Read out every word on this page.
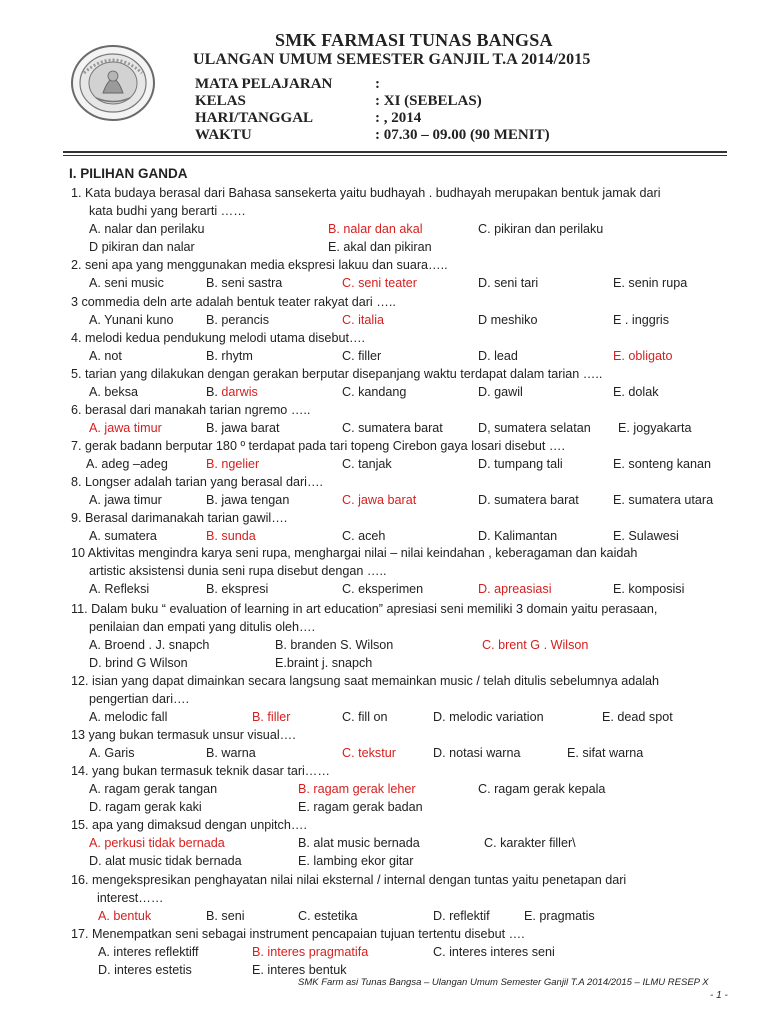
SMK FARMASI TUNAS BANGSA
ULANGAN UMUM SEMESTER GANJIL T.A 2014/2015
MATA PELAJARAN	:
KELAS	: XI (SEBELAS)
HARI/TANGGAL	: , 2014
WAKTU	: 07.30 – 09.00 (90 MENIT)
I. PILIHAN GANDA
1. Kata budaya berasal dari Bahasa sansekerta yaitu budhayah . budhayah merupakan bentuk jamak dari
kata budhi yang berarti ……
A. nalar dan perilaku	B. nalar dan akal	C. pikiran dan perilaku
D pikiran dan nalar	E. akal dan pikiran
2. seni apa yang menggunakan media ekspresi lakuu dan suara…..
A. seni music	B. seni sastra	C. seni teater	D. seni tari	E. senin rupa
3 commedia deln arte adalah bentuk teater rakyat dari …..
A. Yunani kuno	B. perancis	C. italia	D meshiko	E . inggris
4. melodi kedua pendukung melodi utama disebut….
A. not	B. rhytm	C. filler	D. lead	E. obligato
5. tarian yang dilakukan dengan gerakan berputar disepanjang waktu terdapat dalam tarian …..
A. beksa	B. darwis	C. kandang	D. gawil	E. dolak
6. berasal dari manakah tarian ngremo …..
A. jawa timur	B. jawa barat	C. sumatera barat	D, sumatera selatan E. jogyakarta
7. gerak badann berputar 180 º terdapat pada tari topeng Cirebon gaya losari disebut ….
A. adeg –adeg	B. ngelier	C. tanjak	D. tumpang tali	E. sonteng kanan
8. Longser adalah tarian yang berasal dari….
A. jawa timur	B. jawa tengan	C. jawa barat	D. sumatera barat	E. sumatera utara
9. Berasal darimanakah tarian gawil….
A. sumatera	B. sunda	C. aceh	D. Kalimantan	E. Sulawesi
10 Aktivitas mengindra karya seni rupa, menghargai nilai – nilai keindahan , keberagaman dan kaidah
artistic aksistensi dunia seni rupa disebut dengan …..
A. Refleksi	B. ekspresi	C. eksperimen	D. apreasiasi	E. komposisi
11. Dalam buku “ evaluation of learning in art education” apresiasi seni memiliki 3 domain yaitu perasaan,
penilaian dan empati yang ditulis oleh….
A. Broend . J. snapch	B. branden S. Wilson	C. brent G . Wilson
D. brind G Wilson	E.braint j. snapch
12. isian yang dapat dimainkan secara langsung saat memainkan music / telah ditulis sebelumnya adalah
pengertian dari….
A. melodic fall	B. filler	C. fill on	D. melodic variation	E. dead spot
13 yang bukan termasuk unsur visual….
A. Garis	B. warna	C. tekstur	D. notasi warna	E. sifat warna
14. yang bukan termasuk teknik dasar tari……
A. ragam gerak tangan	B. ragam gerak leher	C. ragam gerak kepala
D. ragam gerak kaki	E. ragam gerak badan
15. apa yang dimaksud dengan unpitch….
A. perkusi tidak bernada	B. alat music bernada	C. karakter filler\
D. alat music tidak bernada	E. lambing ekor gitar
16. mengekspresikan penghayatan nilai nilai eksternal / internal dengan tuntas yaitu penetapan dari
interest……
A. bentuk	B. seni	C. estetika	D. reflektif	E. pragmatis
17. Menempatkan seni sebagai instrument pencapaian tujuan tertentu disebut ….
A. interes reflektiff	B. interes pragmatifa	C. interes interes seni
D. interes estetis	E. interes bentuk
SMK Farm asi Tunas Bangsa – Ulangan Umum Semester Ganjil T.A 2014/2015 – ILMU RESEP X
- 1 -
